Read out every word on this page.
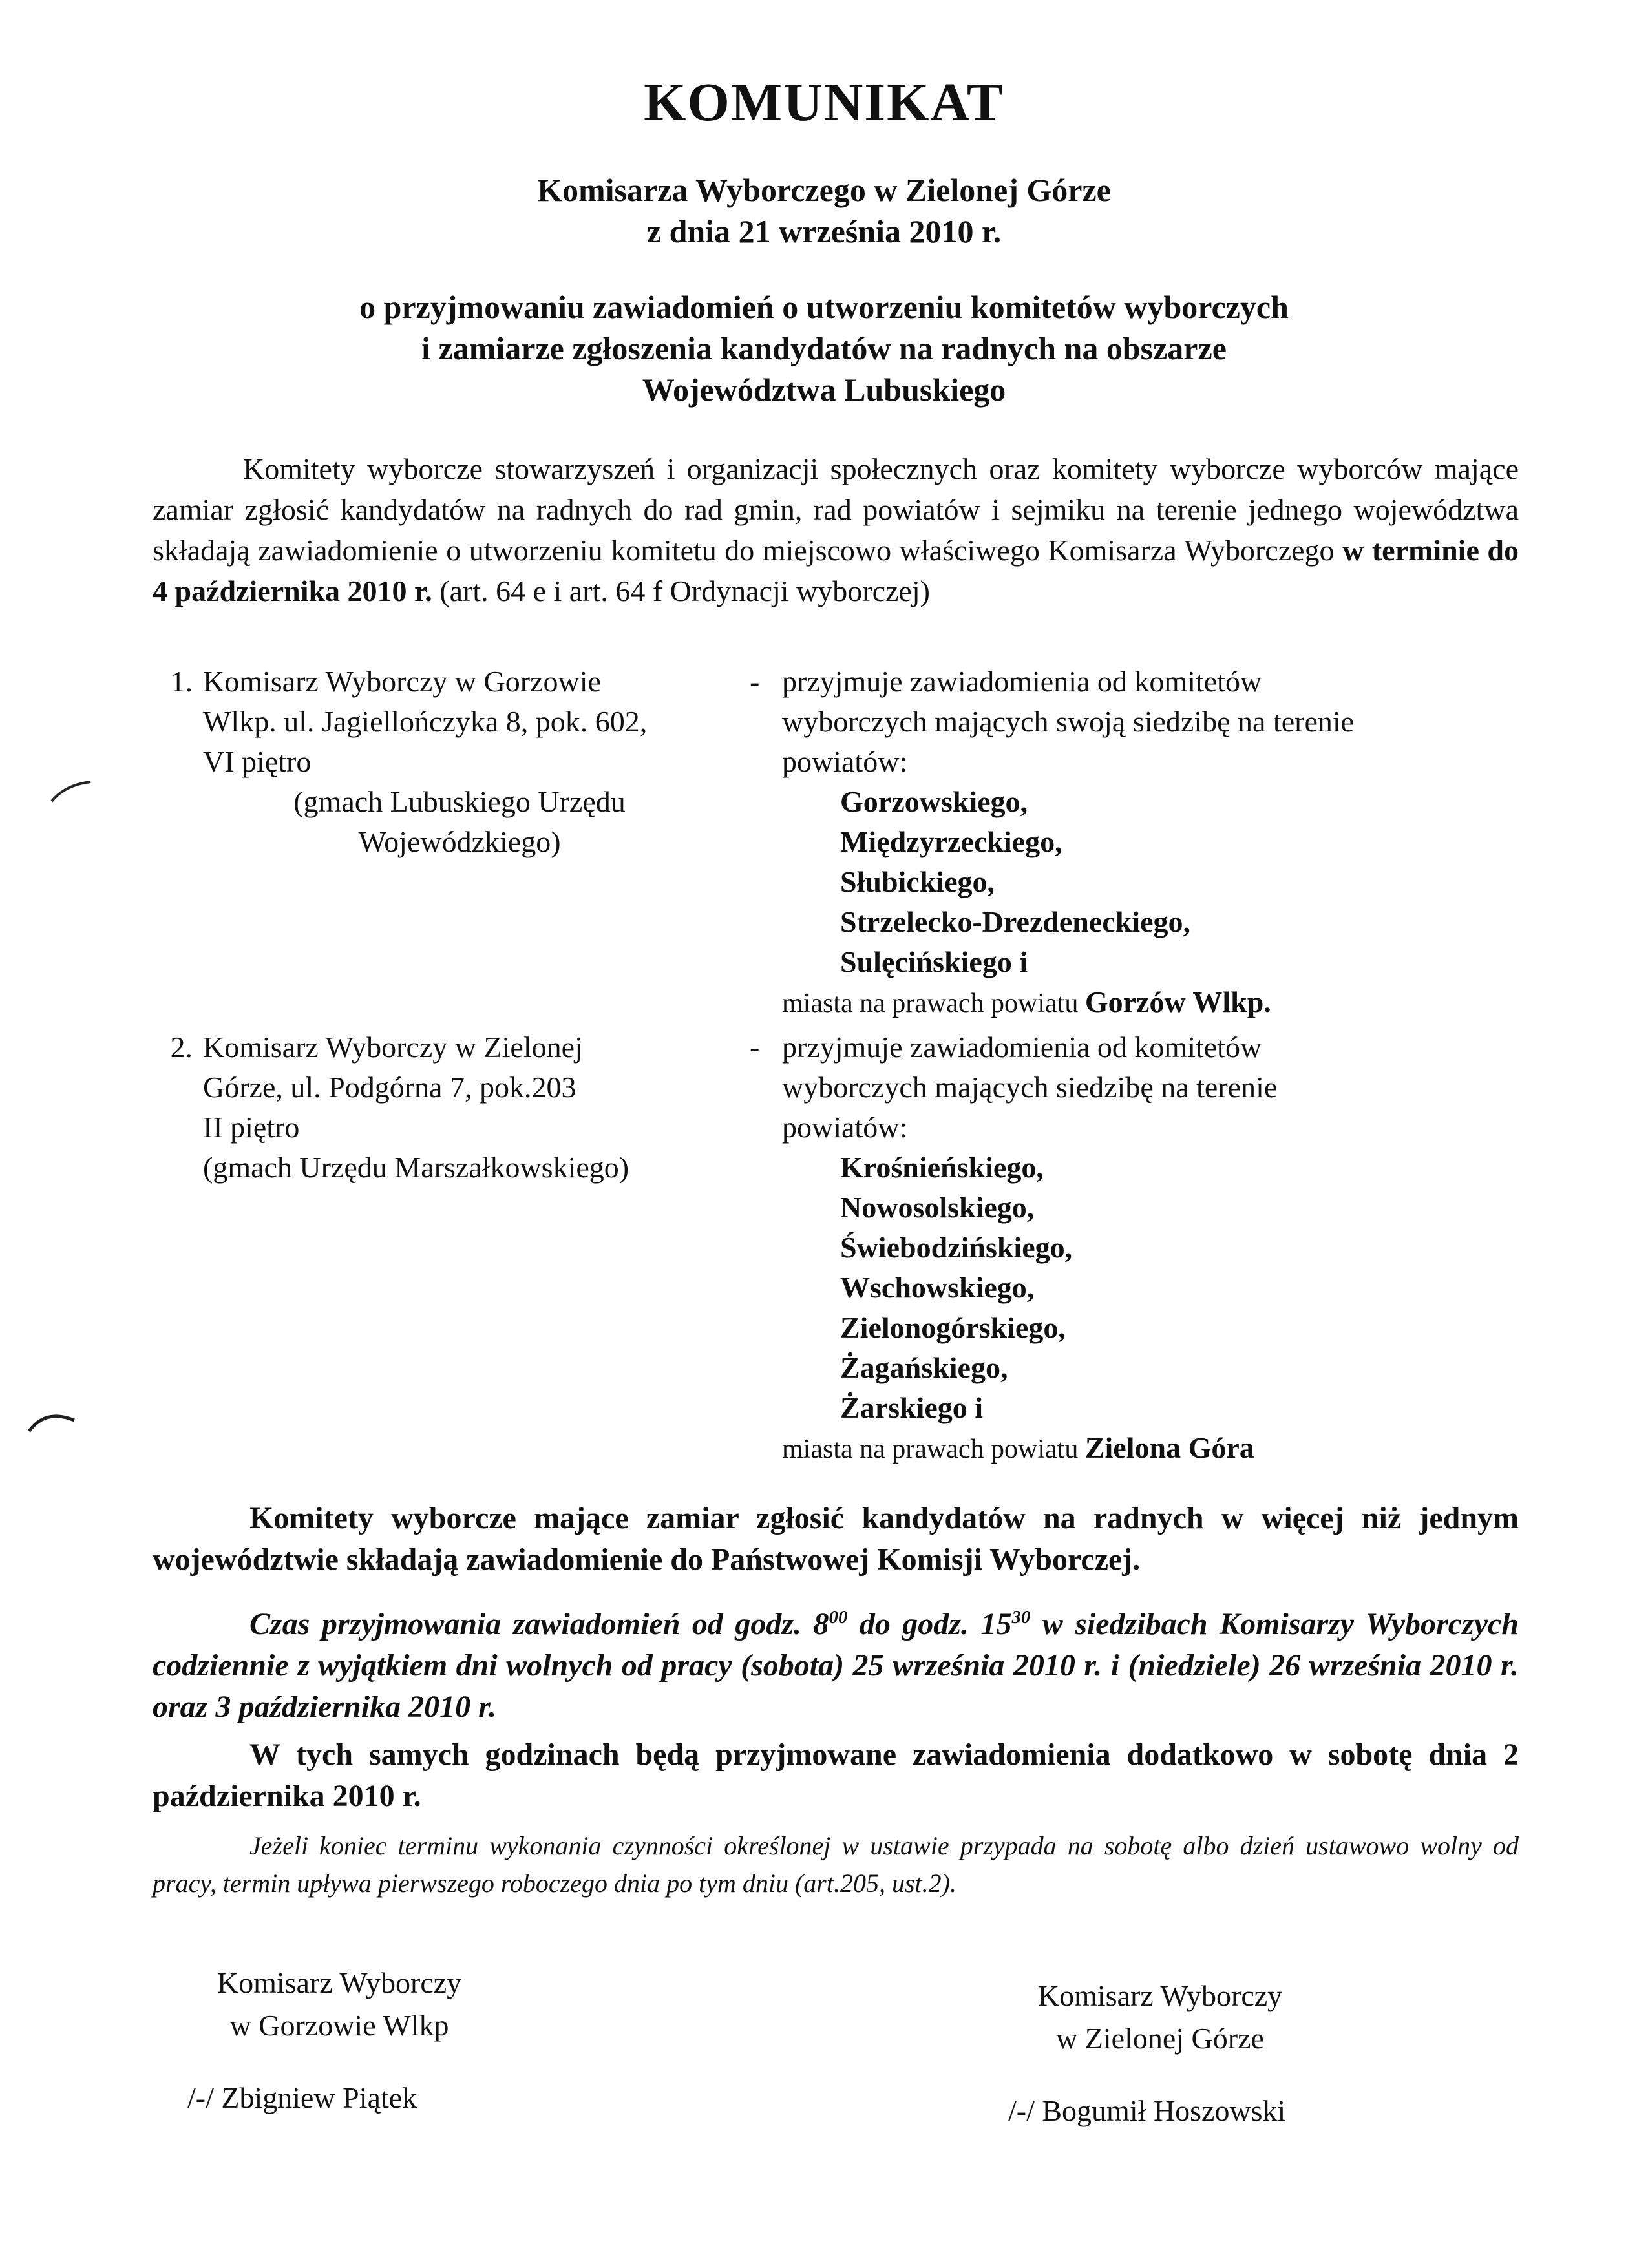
KOMUNIKAT
Komisarza Wyborczego w Zielonej Górze
z dnia 21 września 2010 r.
o przyjmowaniu zawiadomień o utworzeniu komitetów wyborczych
i zamiarze zgłoszenia kandydatów na radnych na obszarze
Województwa Lubuskiego
Komitety wyborcze stowarzyszeń i organizacji społecznych oraz komitety wyborcze wyborców mające zamiar zgłosić kandydatów na radnych do rad gmin, rad powiatów i sejmiku na terenie jednego województwa składają zawiadomienie o utworzeniu komitetu do miejscowo właściwego Komisarza Wyborczego w terminie do 4 października 2010 r. (art. 64 e i art. 64 f Ordynacji wyborczej)
1. Komisarz Wyborczy w Gorzowie
Wlkp. ul. Jagiellończyka 8, pok. 602,
VI piętro
(gmach Lubuskiego Urzędu
Wojewódzkiego)
- przyjmuje zawiadomienia od komitetów
wyborczych mających swoją siedzibę na terenie
powiatów:
Gorzowskiego,
Międzyrzeckiego,
Słubickiego,
Strzelecko-Drezdeneckiego,
Sulęcińskiego i
miasta na prawach powiatu Gorzów Wlkp.
2. Komisarz Wyborczy w Zielonej
Górze, ul. Podgórna 7, pok.203
II piętro
(gmach Urzędu Marszałkowskiego)
- przyjmuje zawiadomienia od komitetów
wyborczych mających siedzibę na terenie
powiatów:
Krośnieńskiego,
Nowosolskiego,
Świebodzińskiego,
Wschowskiego,
Zielonogórskiego,
Żagańskiego,
Żarskiego i
miasta na prawach powiatu Zielona Góra
Komitety wyborcze mające zamiar zgłosić kandydatów na radnych w więcej niż jednym województwie składają zawiadomienie do Państwowej Komisji Wyborczej.
Czas przyjmowania zawiadomień od godz. $8^{00}$ do godz. $15^{30}$ w siedzibach Komisarzy Wyborczych codziennie z wyjątkiem dni wolnych od pracy (sobota) 25 września 2010 r. i (niedziele) 26 września 2010 r. oraz 3 października 2010 r.
W tych samych godzinach będą przyjmowane zawiadomienia dodatkowo w sobotę dnia 2 października 2010 r.
Jeżeli koniec terminu wykonania czynności określonej w ustawie przypada na sobotę albo dzień ustawowo wolny od pracy, termin upływa pierwszego roboczego dnia po tym dniu (art.205, ust.2).
Komisarz Wyborczy
w Gorzowie Wlkp
/-/ Zbigniew Piątek
Komisarz Wyborczy
w Zielonej Górze
/-/ Bogumił Hoszowski
